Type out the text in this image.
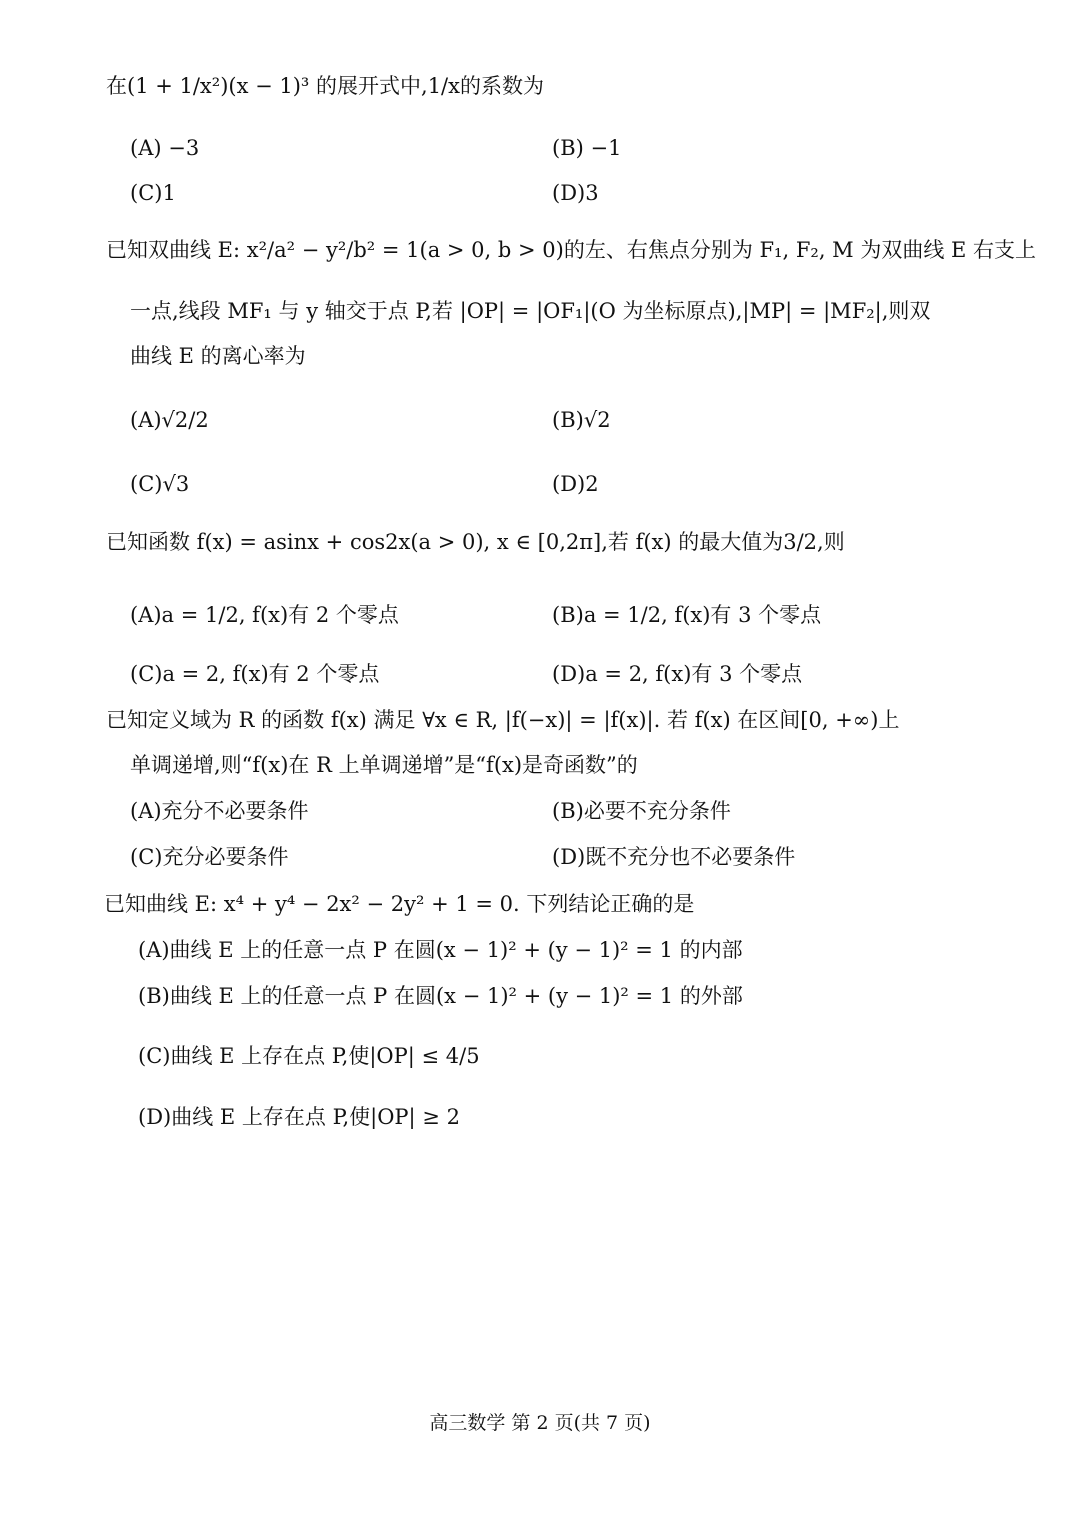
在(1 + 1/x²)(x − 1)³ 的展开式中,1/x的系数为
(A) −3	(B) −1
(C)1	(D)3
已知双曲线 E: x²/a² − y²/b² = 1(a > 0, b > 0)的左、右焦点分别为 F₁, F₂, M 为双曲线 E 右支上
一点,线段 MF₁ 与 y 轴交于点 P,若 |OP| = |OF₁|(O 为坐标原点),|MP| = |MF₂|,则双
曲线 E 的离心率为
(A)√2/2	(B)√2
(C)√3	(D)2
已知函数 f(x) = asinx + cos2x(a > 0), x ∈ [0,2π],若 f(x) 的最大值为3/2,则
(A)a = 1/2, f(x)有 2 个零点	(B)a = 1/2, f(x)有 3 个零点
(C)a = 2, f(x)有 2 个零点	(D)a = 2, f(x)有 3 个零点
已知定义域为 R 的函数 f(x) 满足 ∀x ∈ R, |f(−x)| = |f(x)|. 若 f(x) 在区间[0, +∞)上
单调递增,则“f(x)在 R 上单调递增”是“f(x)是奇函数”的
(A)充分不必要条件	(B)必要不充分条件
(C)充分必要条件	(D)既不充分也不必要条件
已知曲线 E: x⁴ + y⁴ − 2x² − 2y² + 1 = 0. 下列结论正确的是
(A)曲线 E 上的任意一点 P 在圆(x − 1)² + (y − 1)² = 1 的内部
(B)曲线 E 上的任意一点 P 在圆(x − 1)² + (y − 1)² = 1 的外部
(C)曲线 E 上存在点 P,使|OP| ≤ 4/5
(D)曲线 E 上存在点 P,使|OP| ≥ 2
高三数学 第 2 页(共 7 页)
